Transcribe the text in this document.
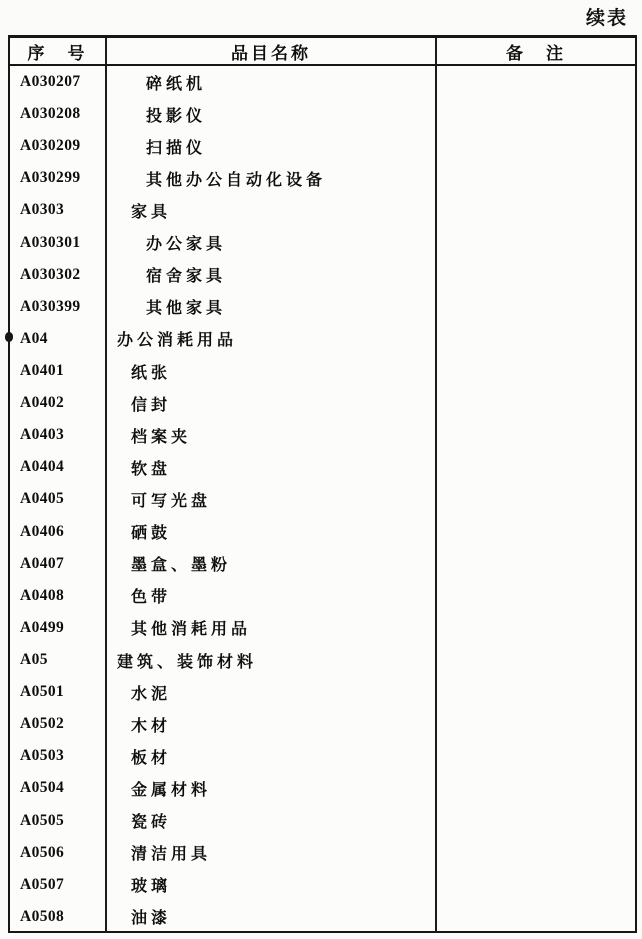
续表
序　号	品目名称	备　注
A030207	碎纸机
A030208	投影仪
A030209	扫描仪
A030299	其他办公自动化设备
A0303	家具
A030301	办公家具
A030302	宿舍家具
A030399	其他家具
A04	办公消耗用品
A0401	纸张
A0402	信封
A0403	档案夹
A0404	软盘
A0405	可写光盘
A0406	硒鼓
A0407	墨盒、墨粉
A0408	色带
A0499	其他消耗用品
A05	建筑、装饰材料
A0501	水泥
A0502	木材
A0503	板材
A0504	金属材料
A0505	瓷砖
A0506	清洁用具
A0507	玻璃
A0508	油漆
